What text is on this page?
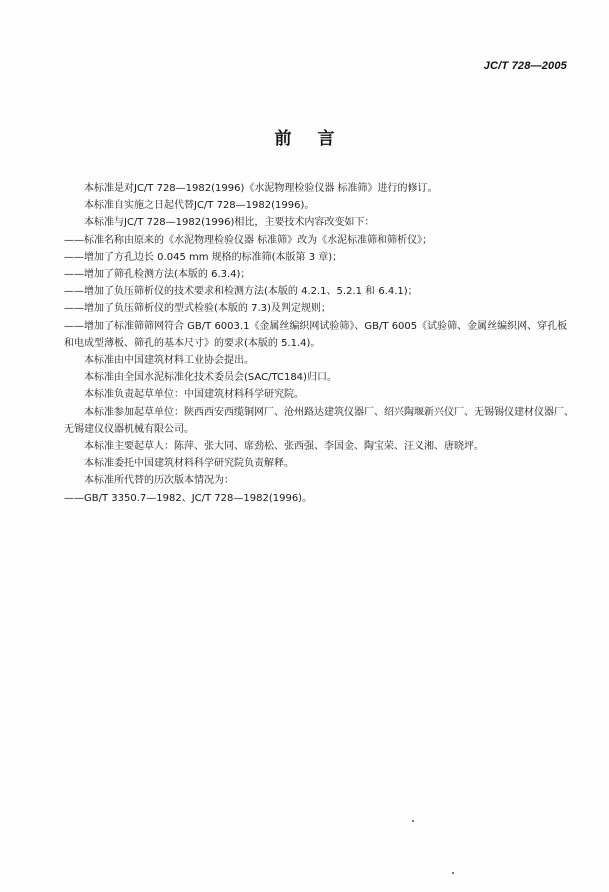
JC/T 728—2005
前言

本标准是对JC/T 728—1982(1996)《水泥物理检验仪器 标准筛》进行的修订。

本标准自实施之日起代替JC/T 728—1982(1996)。

本标准与JC/T 728—1982(1996)相比，主要技术内容改变如下：

——标准名称由原来的《水泥物理检验仪器 标准筛》改为《水泥标准筛和筛析仪》；

——增加了方孔边长 0.045 mm 规格的标准筛(本版第 3 章)；

——增加了筛孔检测方法(本版的 6.3.4)；

——增加了负压筛析仪的技术要求和检测方法(本版的 4.2.1、5.2.1 和 6.4.1)；

——增加了负压筛析仪的型式检验(本版的 7.3)及判定规则；

——增加了标准筛筛网符合 GB/T 6003.1《金属丝编织网试验筛》、GB/T 6005《试验筛、金属丝编织网、穿孔板和电成型薄板、筛孔的基本尺寸》的要求(本版的 5.1.4)。

本标准由中国建筑材料工业协会提出。

本标准由全国水泥标准化技术委员会(SAC/TC184)归口。

本标准负责起草单位：中国建筑材料科学研究院。

本标准参加起草单位：陕西西安西缆铜网厂、沧州路达建筑仪器厂、绍兴陶堰新兴仪厂、无锡锡仪建材仪器厂、无锡建仪仪器机械有限公司。

本标准主要起草人：陈萍、张大同、席劲松、张西强、李国金、陶宝荣、汪义湘、唐晓坪。

本标准委托中国建筑材料科学研究院负责解释。

本标准所代替的历次版本情况为：

——GB/T 3350.7—1982、JC/T 728—1982(1996)。
